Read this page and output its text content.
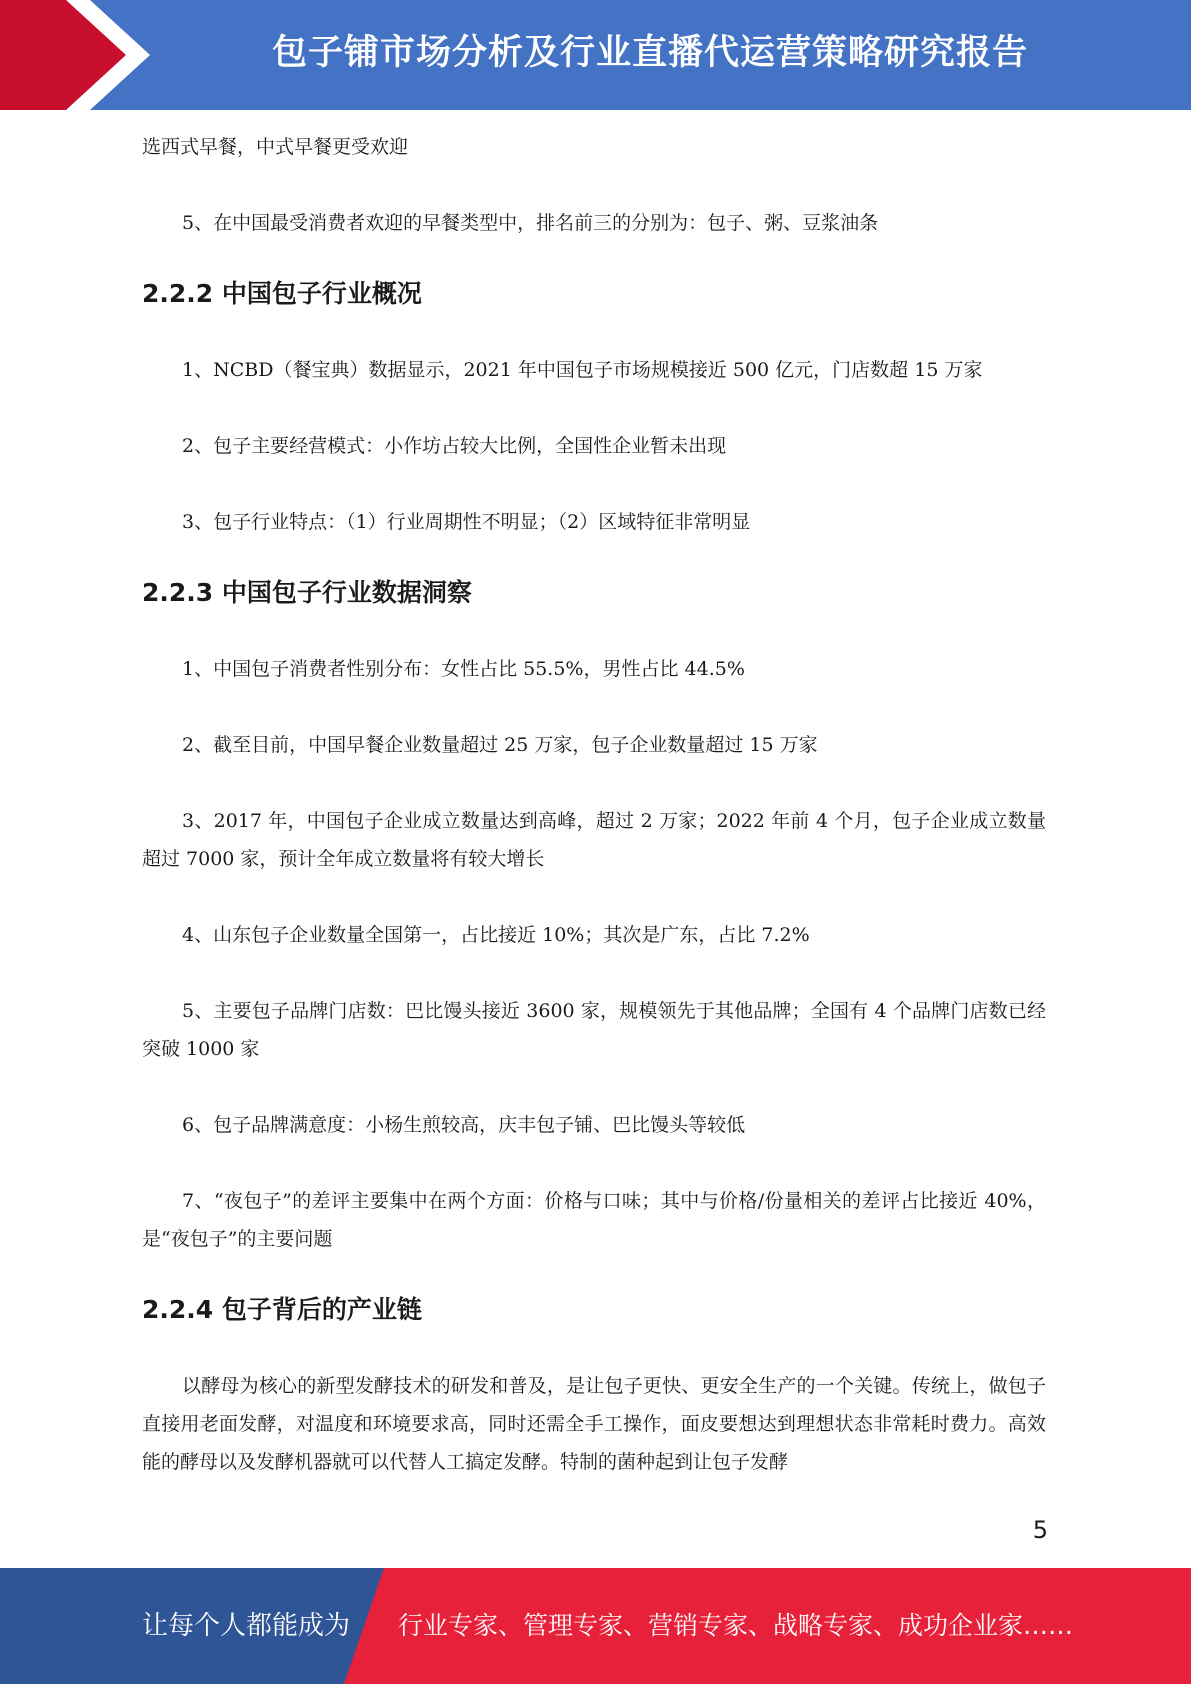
包子铺市场分析及行业直播代运营策略研究报告

选西式早餐，中式早餐更受欢迎

5、在中国最受消费者欢迎的早餐类型中，排名前三的分别为：包子、粥、豆浆油条

2.2.2 中国包子行业概况

1、NCBD（餐宝典）数据显示，2021 年中国包子市场规模接近 500 亿元，门店数超 15 万家

2、包子主要经营模式：小作坊占较大比例，全国性企业暂未出现

3、包子行业特点：（1）行业周期性不明显；（2）区域特征非常明显

2.2.3 中国包子行业数据洞察

1、中国包子消费者性别分布：女性占比 55.5%，男性占比 44.5%

2、截至目前，中国早餐企业数量超过 25 万家，包子企业数量超过 15 万家

3、2017 年，中国包子企业成立数量达到高峰，超过 2 万家；2022 年前 4 个月，包子企业成立数量超过 7000 家，预计全年成立数量将有较大增长

4、山东包子企业数量全国第一，占比接近 10%；其次是广东，占比 7.2%

5、主要包子品牌门店数：巴比馒头接近 3600 家，规模领先于其他品牌；全国有 4 个品牌门店数已经突破 1000 家

6、包子品牌满意度：小杨生煎较高，庆丰包子铺、巴比馒头等较低

7、“夜包子”的差评主要集中在两个方面：价格与口味；其中与价格/份量相关的差评占比接近 40%，是“夜包子”的主要问题

2.2.4 包子背后的产业链

以酵母为核心的新型发酵技术的研发和普及，是让包子更快、更安全生产的一个关键。传统上，做包子直接用老面发酵，对温度和环境要求高，同时还需全手工操作，面皮要想达到理想状态非常耗时费力。高效能的酵母以及发酵机器就可以代替人工搞定发酵。特制的菌种起到让包子发酵

5
让每个人都能成为 行业专家、管理专家、营销专家、战略专家、成功企业家……
